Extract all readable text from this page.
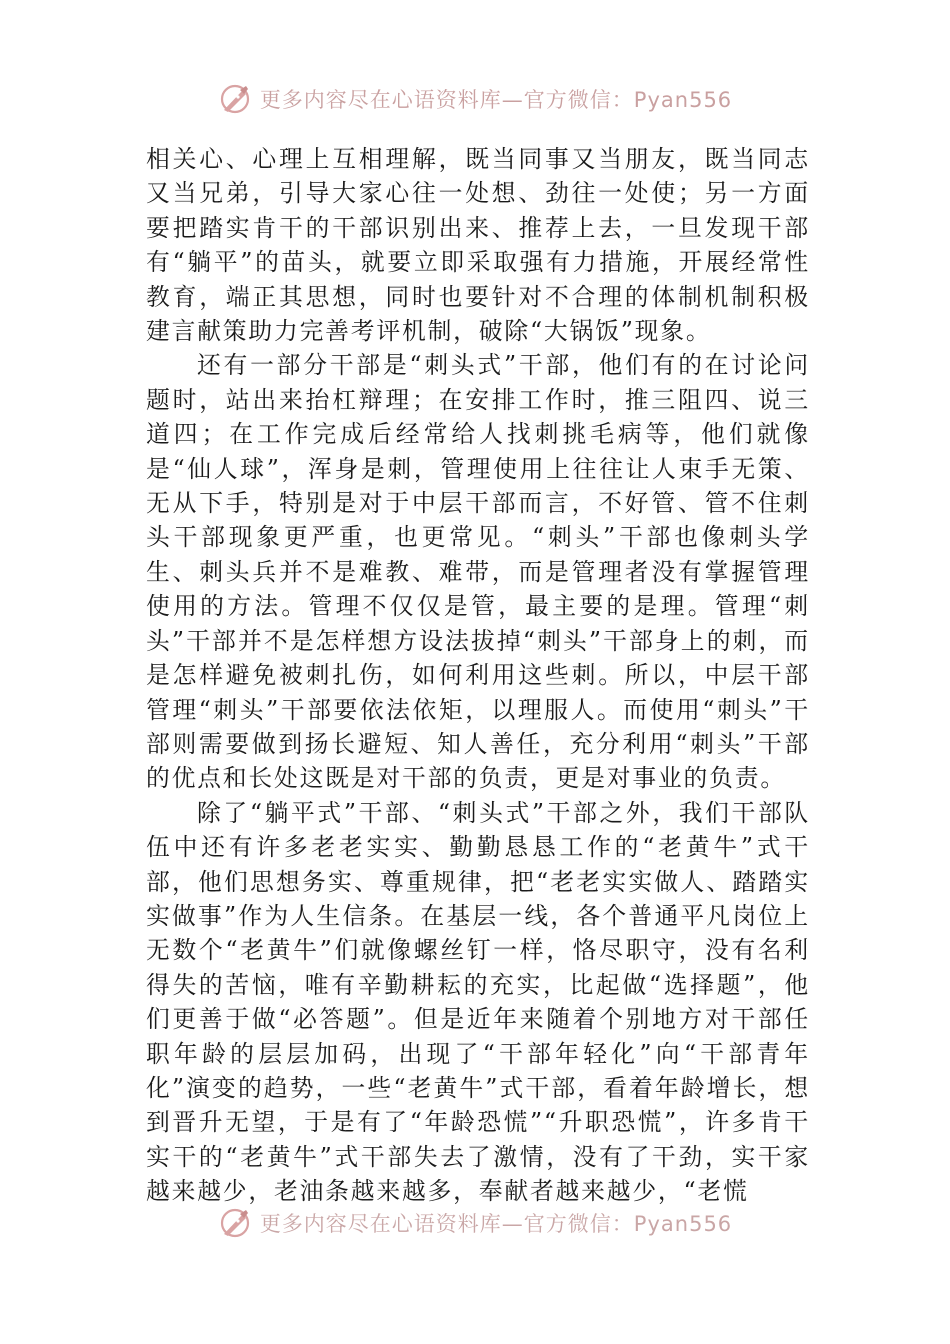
更多内容尽在心语资料库—官方微信：Pyan556

相关心、心理上互相理解，既当同事又当朋友，既当同志又当兄弟，引导大家心往一处想、劲往一处使；另一方面要把踏实肯干的干部识别出来、推荐上去，一旦发现干部有“躺平”的苗头，就要立即采取强有力措施，开展经常性教育，端正其思想，同时也要针对不合理的体制机制积极建言献策助力完善考评机制，破除“大锅饭”现象。

还有一部分干部是“刺头式”干部，他们有的在讨论问题时，站出来抬杠辩理；在安排工作时，推三阻四、说三道四；在工作完成后经常给人找刺挑毛病等，他们就像是“仙人球”，浑身是刺，管理使用上往往让人束手无策、无从下手，特别是对于中层干部而言，不好管、管不住刺头干部现象更严重，也更常见。“刺头”干部也像刺头学生、刺头兵并不是难教、难带，而是管理者没有掌握管理使用的方法。管理不仅仅是管，最主要的是理。管理“刺头”干部并不是怎样想方设法拔掉“刺头”干部身上的刺，而是怎样避免被刺扎伤，如何利用这些刺。所以，中层干部管理“刺头”干部要依法依矩，以理服人。而使用“刺头”干部则需要做到扬长避短、知人善任，充分利用“刺头”干部的优点和长处这既是对干部的负责，更是对事业的负责。

除了“躺平式”干部、“刺头式”干部之外，我们干部队伍中还有许多老老实实、勤勤恳恳工作的“老黄牛”式干部，他们思想务实、尊重规律，把“老老实实做人、踏踏实实做事”作为人生信条。在基层一线，各个普通平凡岗位上无数个“老黄牛”们就像螺丝钉一样，恪尽职守，没有名利得失的苦恼，唯有辛勤耕耘的充实，比起做“选择题”，他们更善于做“必答题”。但是近年来随着个别地方对干部任职年龄的层层加码，出现了“干部年轻化”向“干部青年化”演变的趋势，一些“老黄牛”式干部，看着年龄增长，想到晋升无望，于是有了“年龄恐慌”“升职恐慌”，许多肯干实干的“老黄牛”式干部失去了激情，没有了干劲，实干家越来越少，老油条越来越多，奉献者越来越少，“老慌

更多内容尽在心语资料库—官方微信：Pyan556
